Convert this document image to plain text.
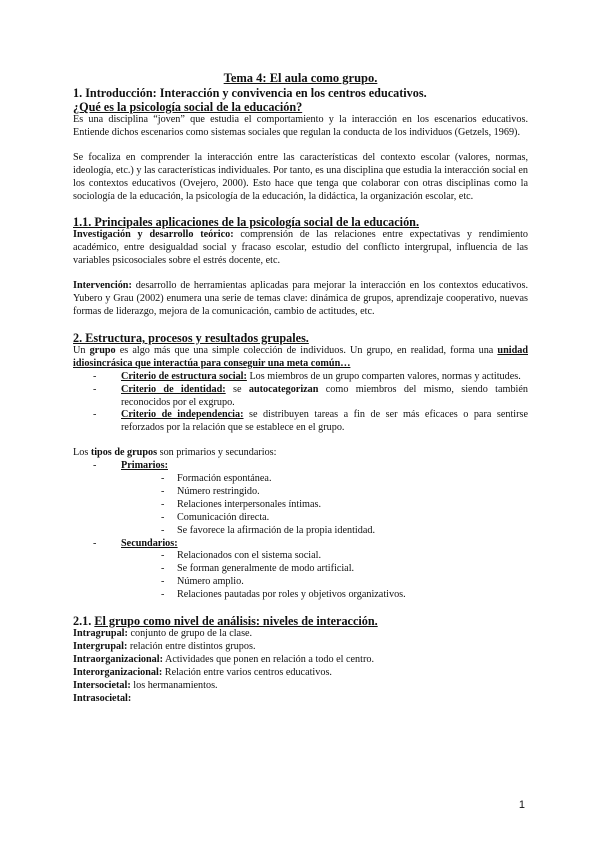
Tema 4: El aula como grupo.

1. Introducción: Interacción y convivencia en los centros educativos.

¿Qué es la psicología social de la educación?

Es una disciplina “joven” que estudia el comportamiento y la interacción en los escenarios educativos. Entiende dichos escenarios como sistemas sociales que regulan la conducta de los individuos (Getzels, 1969).

Se focaliza en comprender la interacción entre las características del contexto escolar (valores, normas, ideología, etc.) y las características individuales. Por tanto, es una disciplina que estudia la interacción social en los contextos educativos (Ovejero, 2000). Esto hace que tenga que colaborar con otras disciplinas como la sociología de la educación, la psicología de la educación, la didáctica, la organización escolar, etc.

1.1. Principales aplicaciones de la psicología social de la educación.

Investigación y desarrollo teórico: comprensión de las relaciones entre expectativas y rendimiento académico, entre desigualdad social y fracaso escolar, estudio del conflicto intergrupal, influencia de las variables psicosociales sobre el estrés docente, etc.

Intervención: desarrollo de herramientas aplicadas para mejorar la interacción en los contextos educativos. Yubero y Grau (2002) enumera una serie de temas clave: dinámica de grupos, aprendizaje cooperativo, nuevas formas de liderazgo, mejora de la comunicación, cambio de actitudes, etc.

2. Estructura, procesos y resultados grupales.

Un grupo es algo más que una simple colección de individuos. Un grupo, en realidad, forma una unidad idiosincrásica que interactúa para conseguir una meta común…

- Criterio de estructura social: Los miembros de un grupo comparten valores, normas y actitudes.
- Criterio de identidad: se autocategorizan como miembros del mismo, siendo también reconocidos por el exgrupo.
- Criterio de independencia: se distribuyen tareas a fin de ser más eficaces o para sentirse reforzados por la relación que se establece en el grupo.

Los tipos de grupos son primarios y secundarios:

- Primarios:
- Formación espontánea.
- Número restringido.
- Relaciones interpersonales íntimas.
- Comunicación directa.
- Se favorece la afirmación de la propia identidad.
- Secundarios:
- Relacionados con el sistema social.
- Se forman generalmente de modo artificial.
- Número amplio.
- Relaciones pautadas por roles y objetivos organizativos.

2.1. El grupo como nivel de análisis: niveles de interacción.

Intragrupal: conjunto de grupo de la clase.
Intergrupal: relación entre distintos grupos.
Intraorganizacional: Actividades que ponen en relación a todo el centro.
Interorganizacional: Relación entre varios centros educativos.
Intersocietal: los hermanamientos.
Intrasocietal:
1
